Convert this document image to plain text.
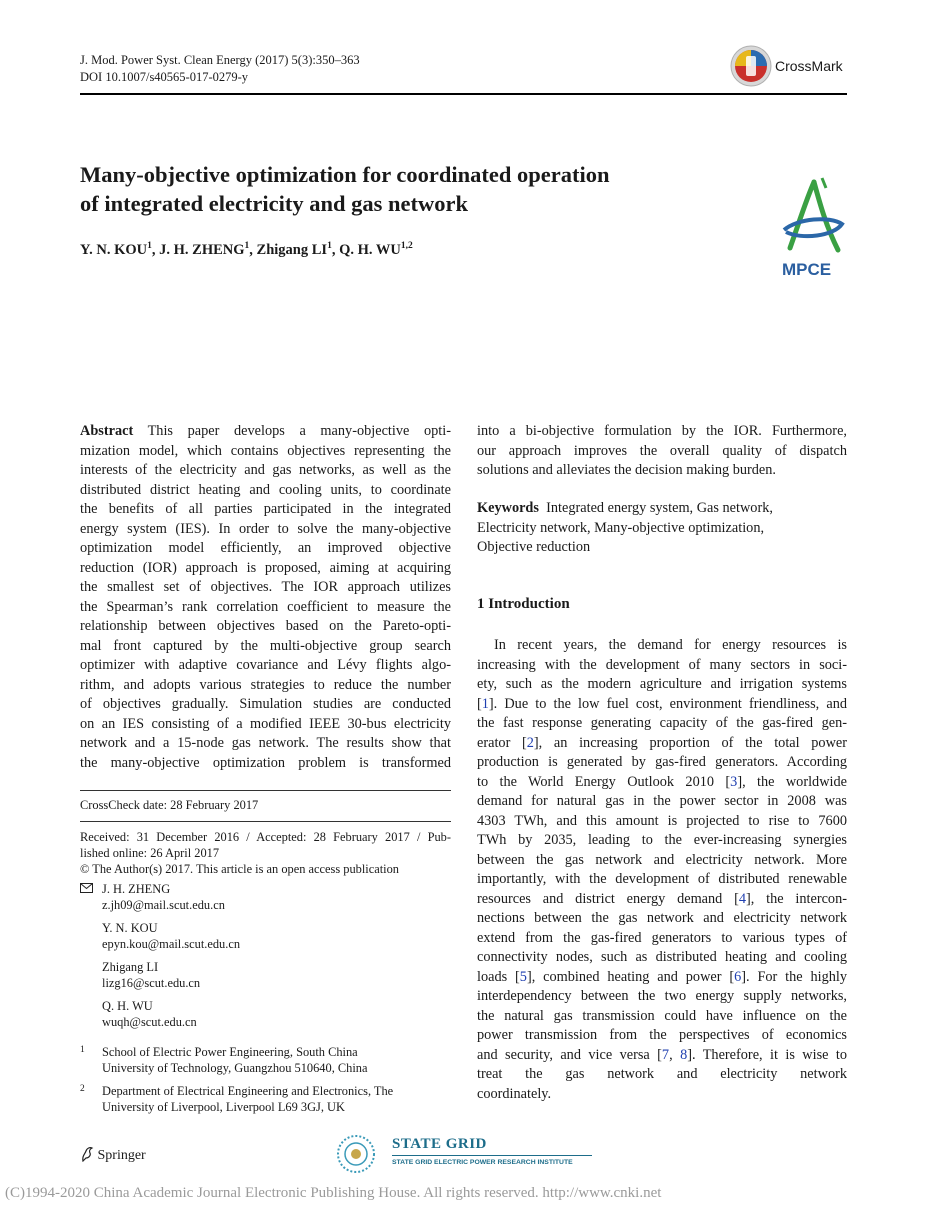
J. Mod. Power Syst. Clean Energy (2017) 5(3):350–363
DOI 10.1007/s40565-017-0279-y
CrossMark
Many-objective optimization for coordinated operation
of integrated electricity and gas network
MPCE
Y. N. KOU$^1$, J. H. ZHENG$^1$, Zhigang $LI^1$, Q. H. WU$^{1,2}$
Abstract This paper develops a many-objective opti-
mization model, which contains objectives representing the
interests of the electricity and gas networks, as well as the
distributed district heating and cooling units, to coordinate
the benefits of all parties participated in the integrated
energy system (IES). In order to solve the many-objective
optimization model efficiently, an improved objective
reduction (IOR) approach is proposed, aiming at acquiring
the smallest set of objectives. The IOR approach utilizes
the Spearman’s rank correlation coefficient to measure the
relationship between objectives based on the Pareto-opti-
mal front captured by the multi-objective group search
optimizer with adaptive covariance and Lévy flights algo-
rithm, and adopts various strategies to reduce the number
of objectives gradually. Simulation studies are conducted
on an IES consisting of a modified IEEE 30-bus electricity
network and a 15-node gas network. The results show that
the many-objective optimization problem is transformed
CrossCheck date: 28 February 2017
Received: 31 December 2016 / Accepted: 28 February 2017 / Pub-
lished online: 26 April 2017
© The Author(s) 2017. This article is an open access publication
J. H. ZHENG
z.jh09@mail.scut.edu.cn
Y. N. KOU
epyn.kou@mail.scut.edu.cn
Zhigang LI
lizg16@scut.edu.cn
Q. H. WU
wuqh@scut.edu.cn
1 School of Electric Power Engineering, South China
University of Technology, Guangzhou 510640, China
2 Department of Electrical Engineering and Electronics, The
University of Liverpool, Liverpool L69 3GJ, UK
into a bi-objective formulation by the IOR. Furthermore,
our approach improves the overall quality of dispatch
solutions and alleviates the decision making burden.
Keywords Integrated energy system, Gas network,
Electricity network, Many-objective optimization,
Objective reduction
1 Introduction
In recent years, the demand for energy resources is
increasing with the development of many sectors in soci-
ety, such as the modern agriculture and irrigation systems
[1]. Due to the low fuel cost, environment friendliness, and
the fast response generating capacity of the gas-fired gen-
erator [2], an increasing proportion of the total power
production is generated by gas-fired generators. According
to the World Energy Outlook 2010 [3], the worldwide
demand for natural gas in the power sector in 2008 was
4303 TWh, and this amount is projected to rise to 7600
TWh by 2035, leading to the ever-increasing synergies
between the gas network and electricity network. More
importantly, with the development of distributed renewable
resources and district energy demand [4], the intercon-
nections between the gas network and electricity network
extend from the gas-fired generators to various types of
connectivity nodes, such as distributed heating and cooling
loads [5], combined heating and power [6]. For the highly
interdependency between the two energy supply networks,
the natural gas transmission could have influence on the
power transmission from the perspectives of economics
and security, and vice versa [7, 8]. Therefore, it is wise to
treat the gas network and electricity network
coordinately.
Springer
STATE GRID
STATE GRID ELECTRIC POWER RESEARCH INSTITUTE
(C)1994-2020 China Academic Journal Electronic Publishing House. All rights reserved. http://www.cnki.net
